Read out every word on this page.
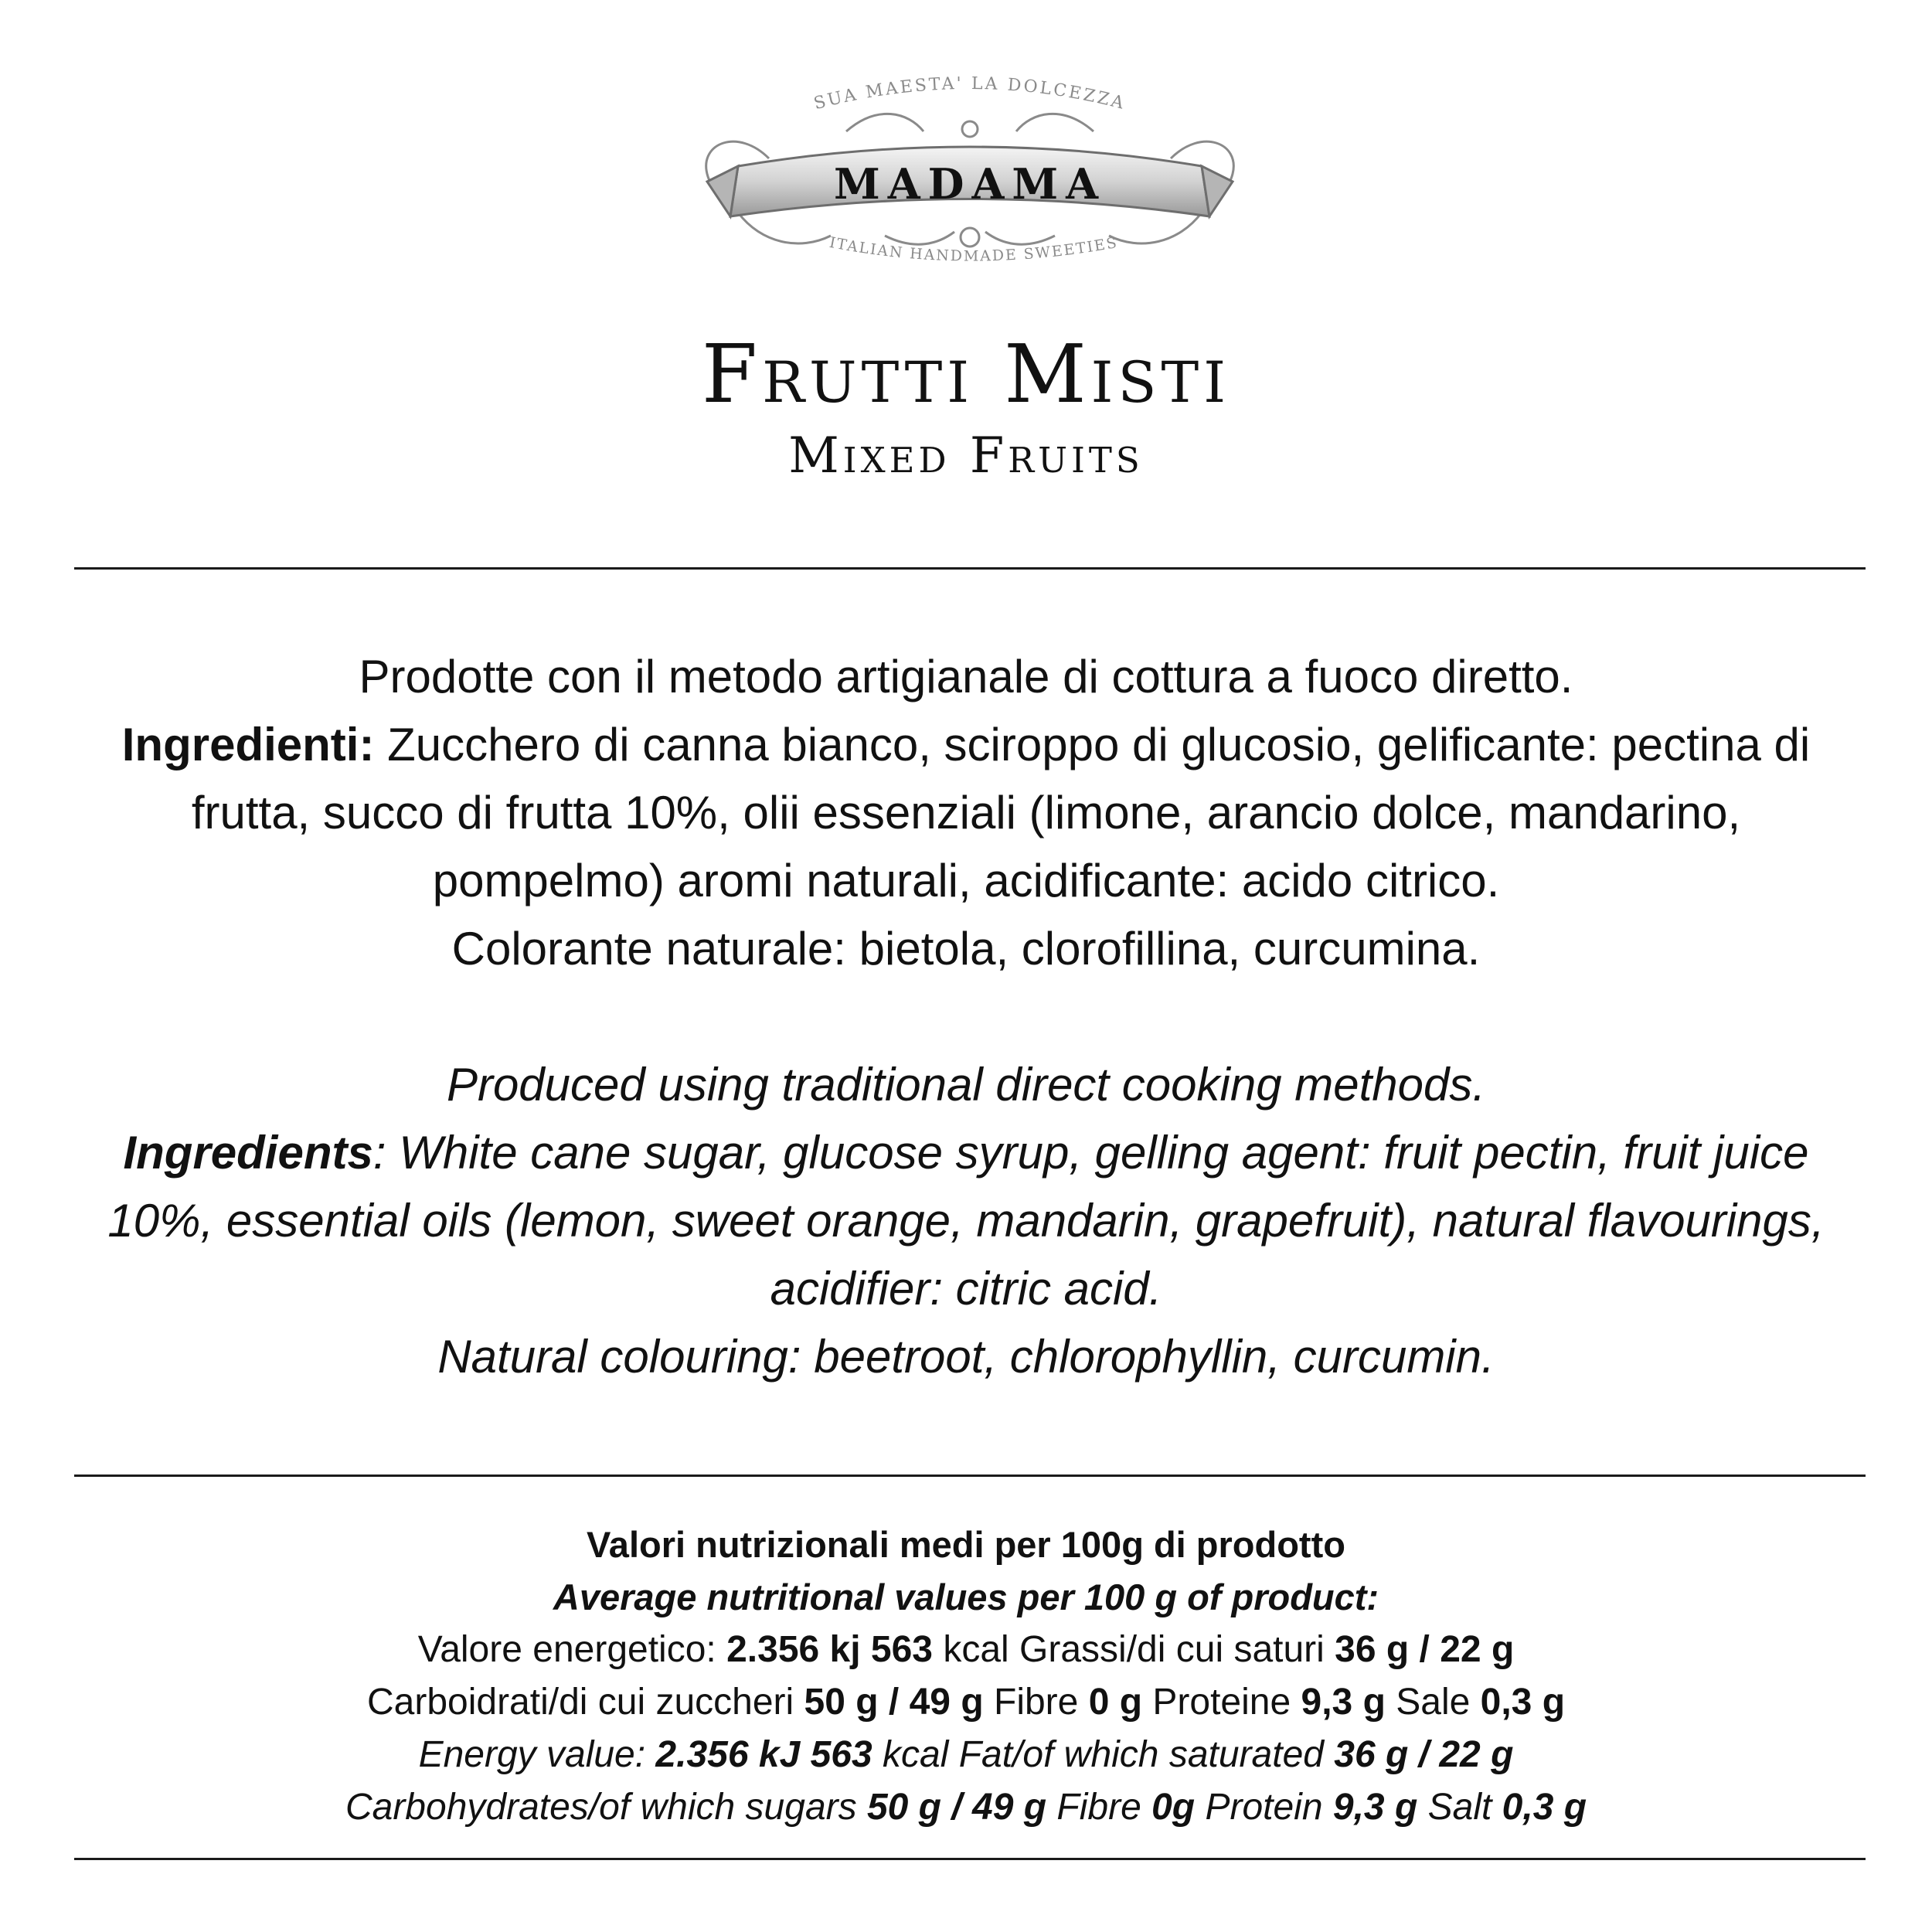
MADAMA
SUA MAESTA' LA DOLCEZZA
ITALIAN HANDMADE SWEETIES
Frutti Misti
Mixed Fruits

Prodotte con il metodo artigianale di cottura a fuoco diretto.

Ingredienti: Zucchero di canna bianco, sciroppo di glucosio, gelificante: pectina di frutta, succo di frutta 10%, olii essenziali (limone, arancio dolce, mandarino, pompelmo) aromi naturali, acidificante: acido citrico.

Colorante naturale: bietola, clorofillina, curcumina.

Produced using traditional direct cooking methods.

Ingredients: White cane sugar, glucose syrup, gelling agent: fruit pectin, fruit juice 10%, essential oils (lemon, sweet orange, mandarin, grapefruit), natural flavourings, acidifier: citric acid.

Natural colouring: beetroot, chlorophyllin, curcumin.

Valori nutrizionali medi per 100g di prodotto

Average nutritional values per 100 g of product:

Valore energetico: 2.356 kj 563 kcal Grassi/di cui saturi 36 g / 22 g

Carboidrati/di cui zuccheri 50 g / 49 g Fibre 0 g Proteine 9,3 g Sale 0,3 g

Energy value: 2.356 kJ 563 kcal Fat/of which saturated 36 g / 22 g

Carbohydrates/of which sugars 50 g / 49 g Fibre 0g Protein 9,3 g Salt 0,3 g
